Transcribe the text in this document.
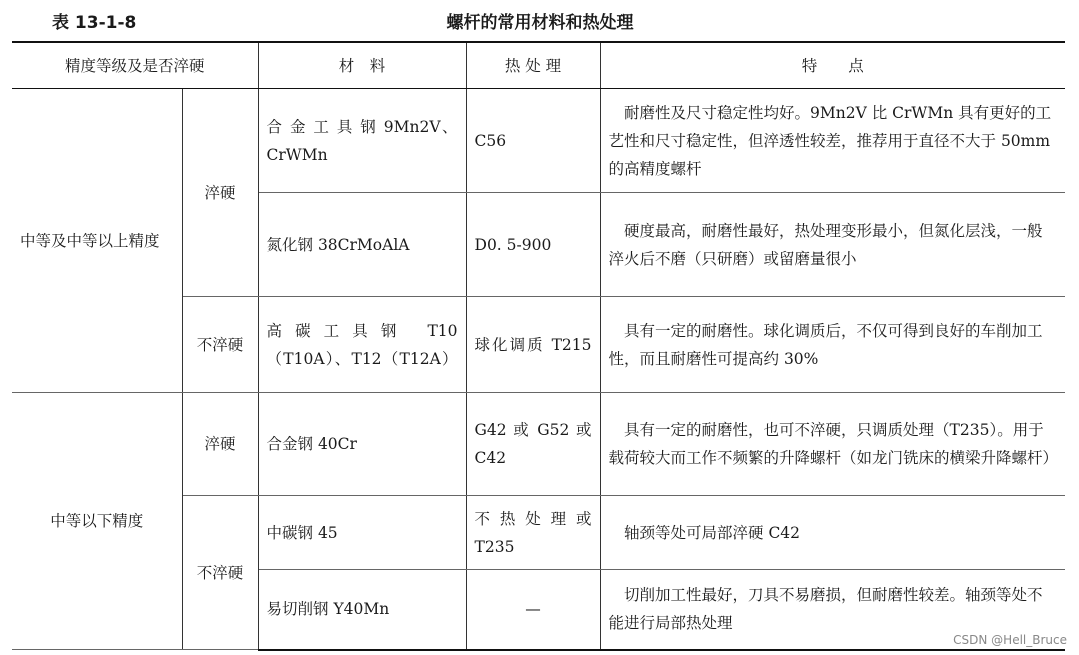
表 13-1-8	螺杆的常用材料和热处理
精度等级及是否淬硬		材　料	热 处 理	特　　点
中等及中等以上精度	淬硬	合 金 工 具 钢 9Mn2V、CrWMn	C56	耐磨性及尺寸稳定性均好。9Mn2V 比 CrWMn 具有更好的工艺性和尺寸稳定性，但淬透性较差，推荐用于直径不大于 50mm 的高精度螺杆
		氮化钢 38CrMoAlA	D0. 5-900	硬度最高，耐磨性最好，热处理变形最小，但氮化层浅，一般淬火后不磨（只研磨）或留磨量很小
	不淬硬	高碳工具钢 T10（T10A）、T12（T12A）	球化调质 T215	具有一定的耐磨性。球化调质后，不仅可得到良好的车削加工性，而且耐磨性可提高约 30%
中等以下精度	淬硬	合金钢 40Cr	G42 或 G52 或 C42	具有一定的耐磨性，也可不淬硬，只调质处理（T235）。用于载荷较大而工作不频繁的升降螺杆（如龙门铣床的横梁升降螺杆）
	不淬硬	中碳钢 45	不热处理或 T235	轴颈等处可局部淬硬 C42
		易切削钢 Y40Mn	—	切削加工性最好，刀具不易磨损，但耐磨性较差。轴颈等处不能进行局部热处理
CSDN @Hell_Bruce
